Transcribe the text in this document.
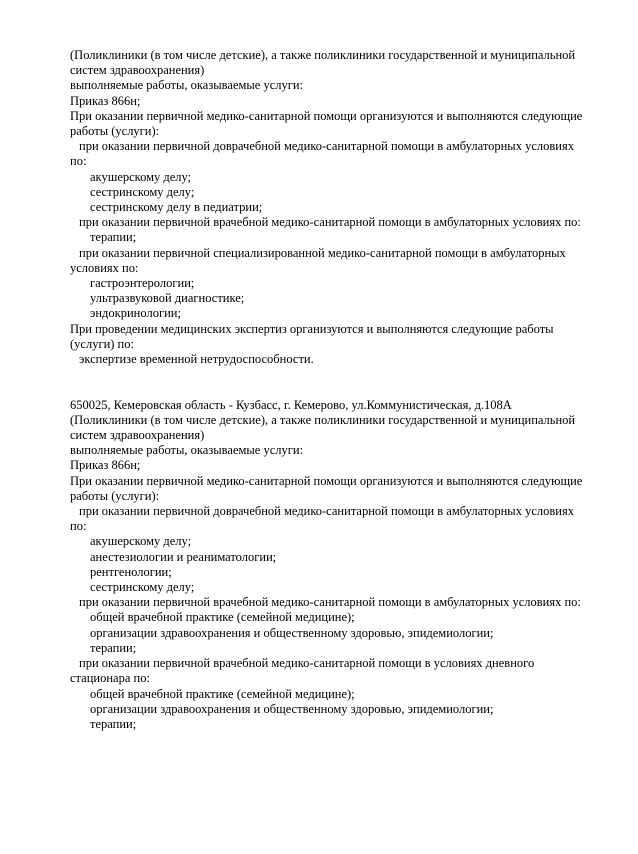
(Поликлиники (в том числе детские), а также поликлиники государственной и муниципальной
систем здравоохранения)
выполняемые работы, оказываемые услуги:
Приказ 866н;
При оказании первичной медико-санитарной помощи организуются и выполняются следующие
работы (услуги):
при оказании первичной доврачебной медико-санитарной помощи в амбулаторных условиях
по:
акушерскому делу;
сестринскому делу;
сестринскому делу в педиатрии;
при оказании первичной врачебной медико-санитарной помощи в амбулаторных условиях по:
терапии;
при оказании первичной специализированной медико-санитарной помощи в амбулаторных
условиях по:
гастроэнтерологии;
ультразвуковой диагностике;
эндокринологии;
При проведении медицинских экспертиз организуются и выполняются следующие работы
(услуги) по:
экспертизе временной нетрудоспособности.
650025, Кемеровская область - Кузбасс, г. Кемерово, ул.Коммунистическая, д.108А
(Поликлиники (в том числе детские), а также поликлиники государственной и муниципальной
систем здравоохранения)
выполняемые работы, оказываемые услуги:
Приказ 866н;
При оказании первичной медико-санитарной помощи организуются и выполняются следующие
работы (услуги):
при оказании первичной доврачебной медико-санитарной помощи в амбулаторных условиях
по:
акушерскому делу;
анестезиологии и реаниматологии;
рентгенологии;
сестринскому делу;
при оказании первичной врачебной медико-санитарной помощи в амбулаторных условиях по:
общей врачебной практике (семейной медицине);
организации здравоохранения и общественному здоровью, эпидемиологии;
терапии;
при оказании первичной врачебной медико-санитарной помощи в условиях дневного
стационара по:
общей врачебной практике (семейной медицине);
организации здравоохранения и общественному здоровью, эпидемиологии;
терапии;
